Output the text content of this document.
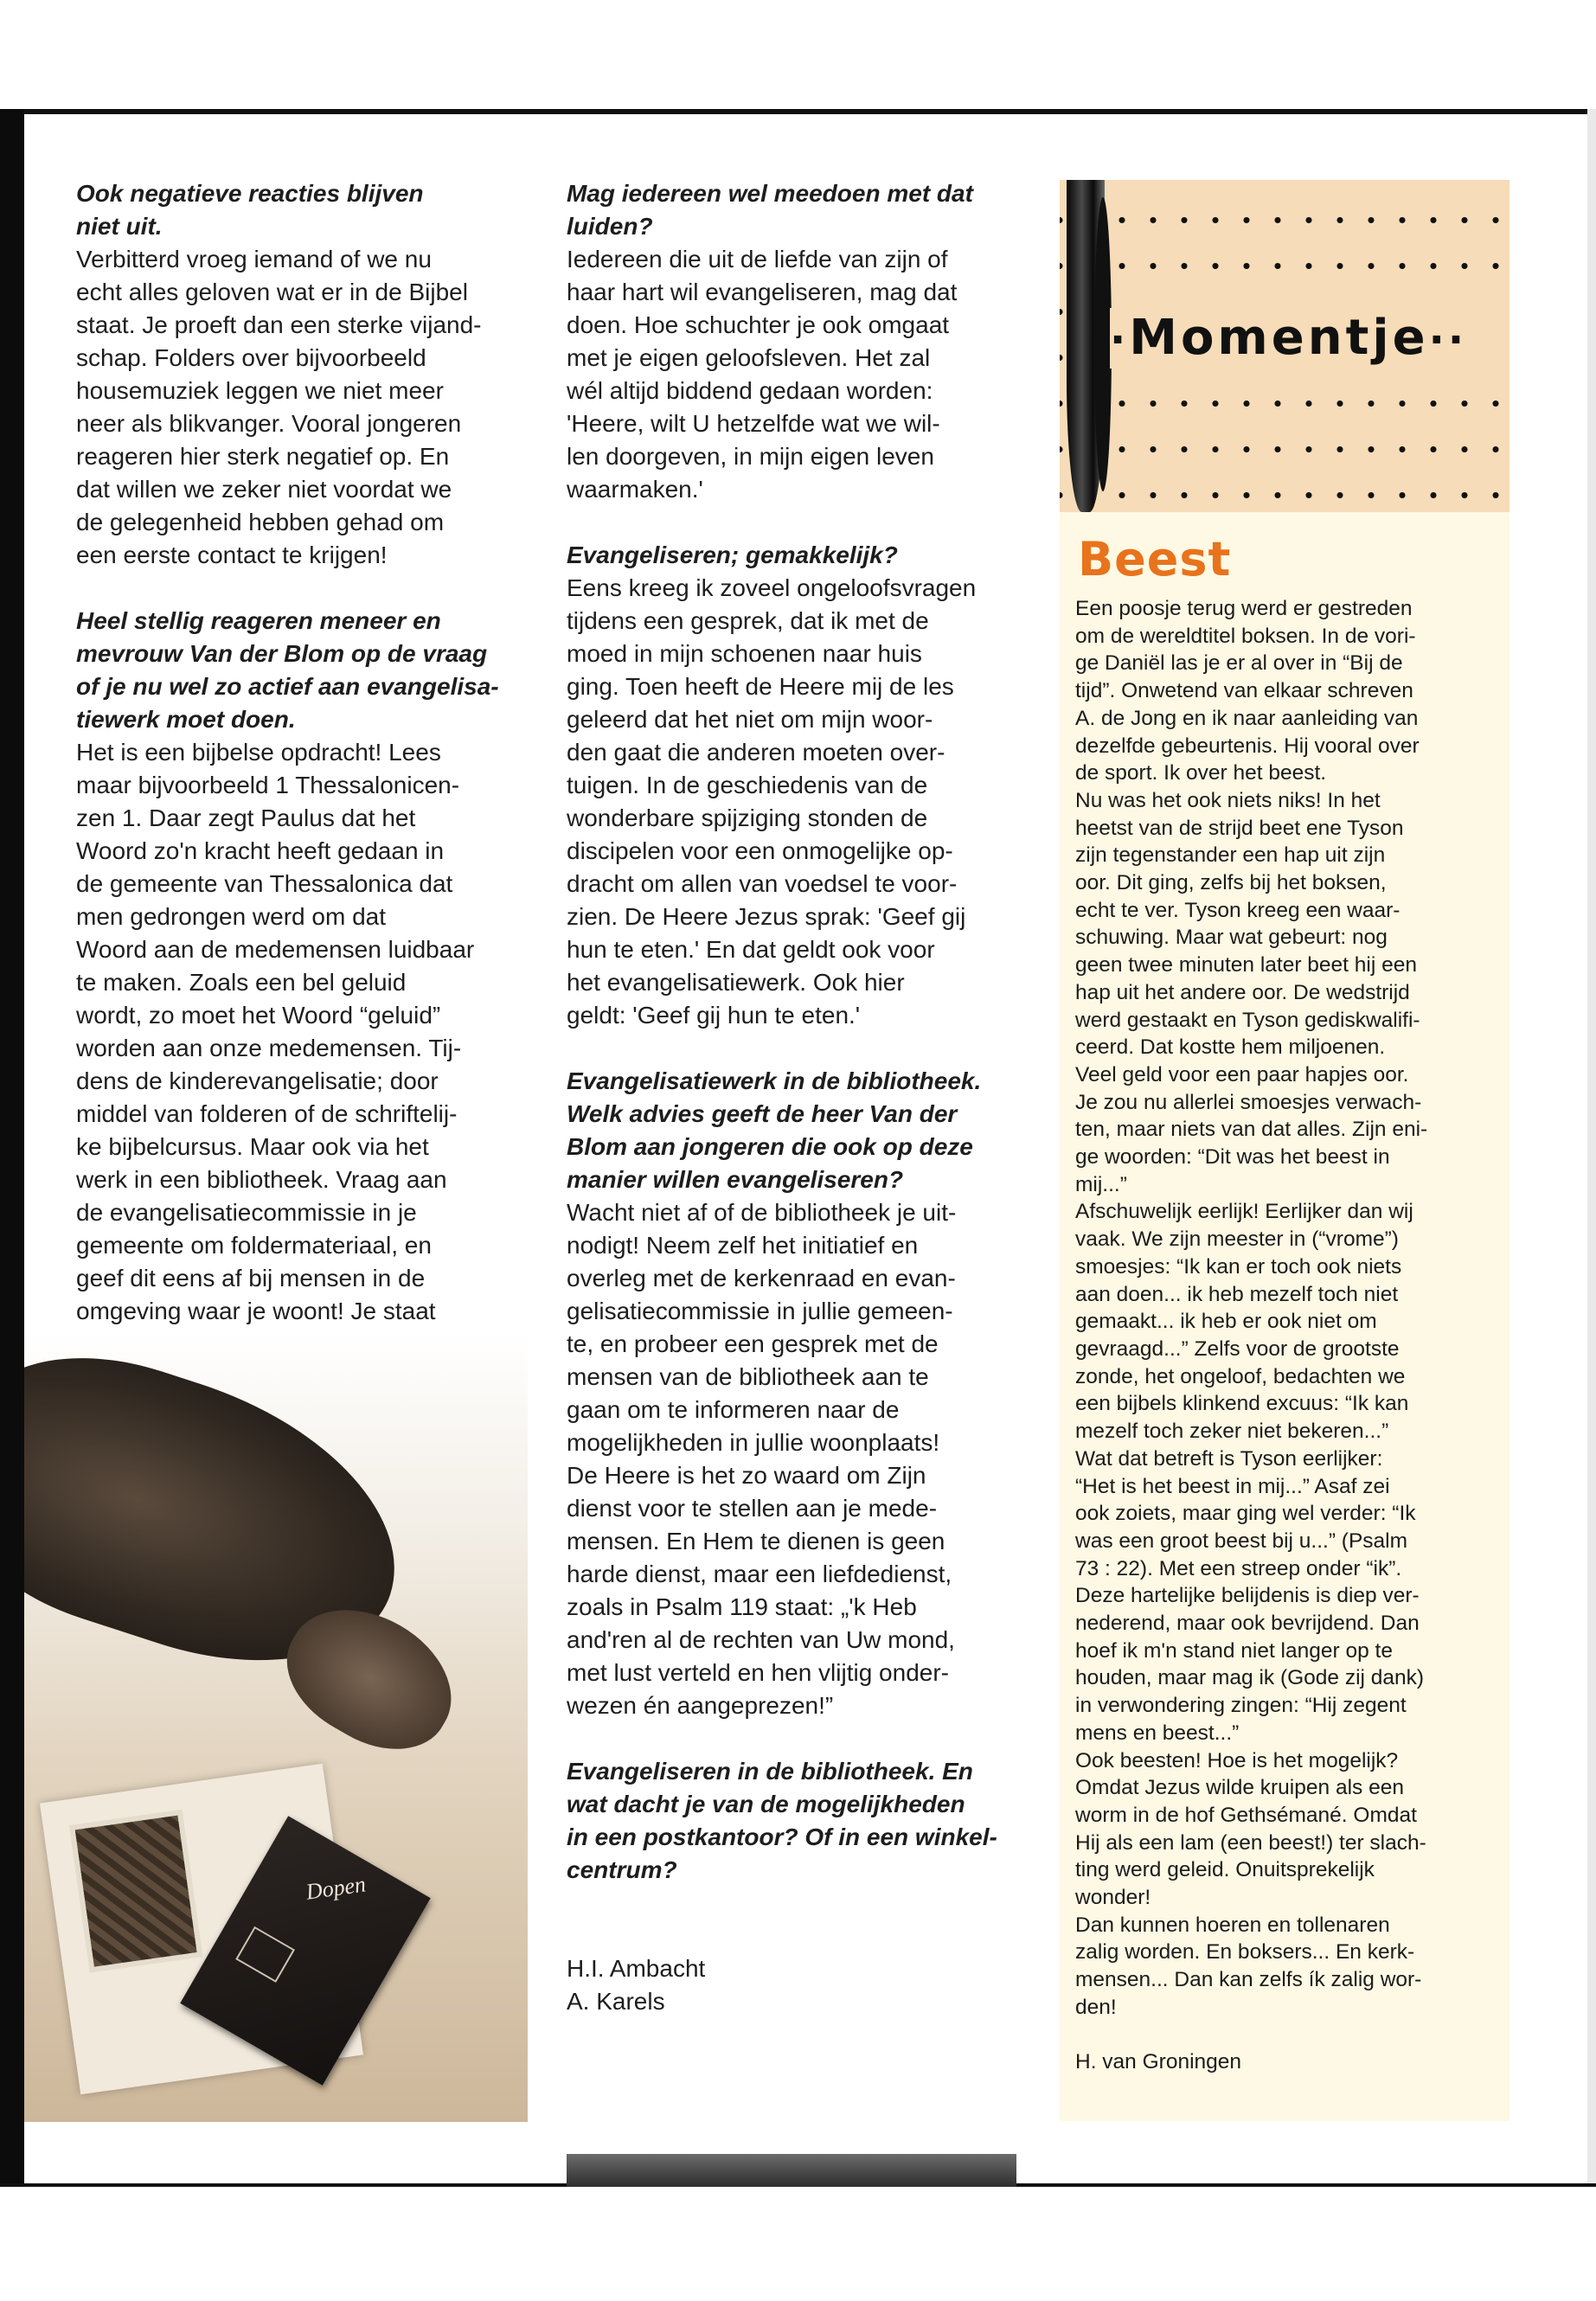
Ook negatieve reacties blijven
niet uit.
Verbitterd vroeg iemand of we nu
echt alles geloven wat er in de Bijbel
staat. Je proeft dan een sterke vijand-
schap. Folders over bijvoorbeeld
housemuziek leggen we niet meer
neer als blikvanger. Vooral jongeren
reageren hier sterk negatief op. En
dat willen we zeker niet voordat we
de gelegenheid hebben gehad om
een eerste contact te krijgen!

Heel stellig reageren meneer en
mevrouw Van der Blom op de vraag
of je nu wel zo actief aan evangelisa-
tiewerk moet doen.
Het is een bijbelse opdracht! Lees
maar bijvoorbeeld 1 Thessalonicen-
zen 1. Daar zegt Paulus dat het
Woord zo'n kracht heeft gedaan in
de gemeente van Thessalonica dat
men gedrongen werd om dat
Woord aan de medemensen luidbaar
te maken. Zoals een bel geluid
wordt, zo moet het Woord “geluid”
worden aan onze medemensen. Tij-
dens de kinderevangelisatie; door
middel van folderen of de schriftelij-
ke bijbelcursus. Maar ook via het
werk in een bibliotheek. Vraag aan
de evangelisatiecommissie in je
gemeente om foldermateriaal, en
geef dit eens af bij mensen in de
omgeving waar je woont! Je staat

Dopen

Mag iedereen wel meedoen met dat
luiden?
Iedereen die uit de liefde van zijn of
haar hart wil evangeliseren, mag dat
doen. Hoe schuchter je ook omgaat
met je eigen geloofsleven. Het zal
wél altijd biddend gedaan worden:
'Heere, wilt U hetzelfde wat we wil-
len doorgeven, in mijn eigen leven
waarmaken.'

Evangeliseren; gemakkelijk?
Eens kreeg ik zoveel ongeloofsvragen
tijdens een gesprek, dat ik met de
moed in mijn schoenen naar huis
ging. Toen heeft de Heere mij de les
geleerd dat het niet om mijn woor-
den gaat die anderen moeten over-
tuigen. In de geschiedenis van de
wonderbare spijziging stonden de
discipelen voor een onmogelijke op-
dracht om allen van voedsel te voor-
zien. De Heere Jezus sprak: 'Geef gij
hun te eten.' En dat geldt ook voor
het evangelisatiewerk. Ook hier
geldt: 'Geef gij hun te eten.'

Evangelisatiewerk in de bibliotheek.
Welk advies geeft de heer Van der
Blom aan jongeren die ook op deze
manier willen evangeliseren?
Wacht niet af of de bibliotheek je uit-
nodigt! Neem zelf het initiatief en
overleg met de kerkenraad en evan-
gelisatiecommissie in jullie gemeen-
te, en probeer een gesprek met de
mensen van de bibliotheek aan te
gaan om te informeren naar de
mogelijkheden in jullie woonplaats!
De Heere is het zo waard om Zijn
dienst voor te stellen aan je mede-
mensen. En Hem te dienen is geen
harde dienst, maar een liefdedienst,
zoals in Psalm 119 staat: „'k Heb
and'ren al de rechten van Uw mond,
met lust verteld en hen vlijtig onder-
wezen én aangeprezen!”

Evangeliseren in de bibliotheek. En
wat dacht je van de mogelijkheden
in een postkantoor? Of in een winkel-
centrum?

H.I. Ambacht
A. Karels
·Momentje··
Beest

Een poosje terug werd er gestreden
om de wereldtitel boksen. In de vori-
ge Daniël las je er al over in “Bij de
tijd”. Onwetend van elkaar schreven
A. de Jong en ik naar aanleiding van
dezelfde gebeurtenis. Hij vooral over
de sport. Ik over het beest.

Nu was het ook niets niks! In het
heetst van de strijd beet ene Tyson
zijn tegenstander een hap uit zijn
oor. Dit ging, zelfs bij het boksen,
echt te ver. Tyson kreeg een waar-
schuwing. Maar wat gebeurt: nog
geen twee minuten later beet hij een
hap uit het andere oor. De wedstrijd
werd gestaakt en Tyson gediskwalifi-
ceerd. Dat kostte hem miljoenen.
Veel geld voor een paar hapjes oor.
Je zou nu allerlei smoesjes verwach-
ten, maar niets van dat alles. Zijn eni-
ge woorden: “Dit was het beest in
mij...”

Afschuwelijk eerlijk! Eerlijker dan wij
vaak. We zijn meester in (“vrome”)
smoesjes: “Ik kan er toch ook niets
aan doen... ik heb mezelf toch niet
gemaakt... ik heb er ook niet om
gevraagd...” Zelfs voor de grootste
zonde, het ongeloof, bedachten we
een bijbels klinkend excuus: “Ik kan
mezelf toch zeker niet bekeren...”
Wat dat betreft is Tyson eerlijker:
“Het is het beest in mij...” Asaf zei
ook zoiets, maar ging wel verder: “Ik
was een groot beest bij u...” (Psalm
73 : 22). Met een streep onder “ik”.
Deze hartelijke belijdenis is diep ver-
nederend, maar ook bevrijdend. Dan
hoef ik m'n stand niet langer op te
houden, maar mag ik (Gode zij dank)
in verwondering zingen: “Hij zegent
mens en beest...”

Ook beesten! Hoe is het mogelijk?
Omdat Jezus wilde kruipen als een
worm in de hof Gethsémané. Omdat
Hij als een lam (een beest!) ter slach-
ting werd geleid. Onuitsprekelijk
wonder!

Dan kunnen hoeren en tollenaren
zalig worden. En boksers... En kerk-
mensen... Dan kan zelfs ík zalig wor-
den!

H. van Groningen
